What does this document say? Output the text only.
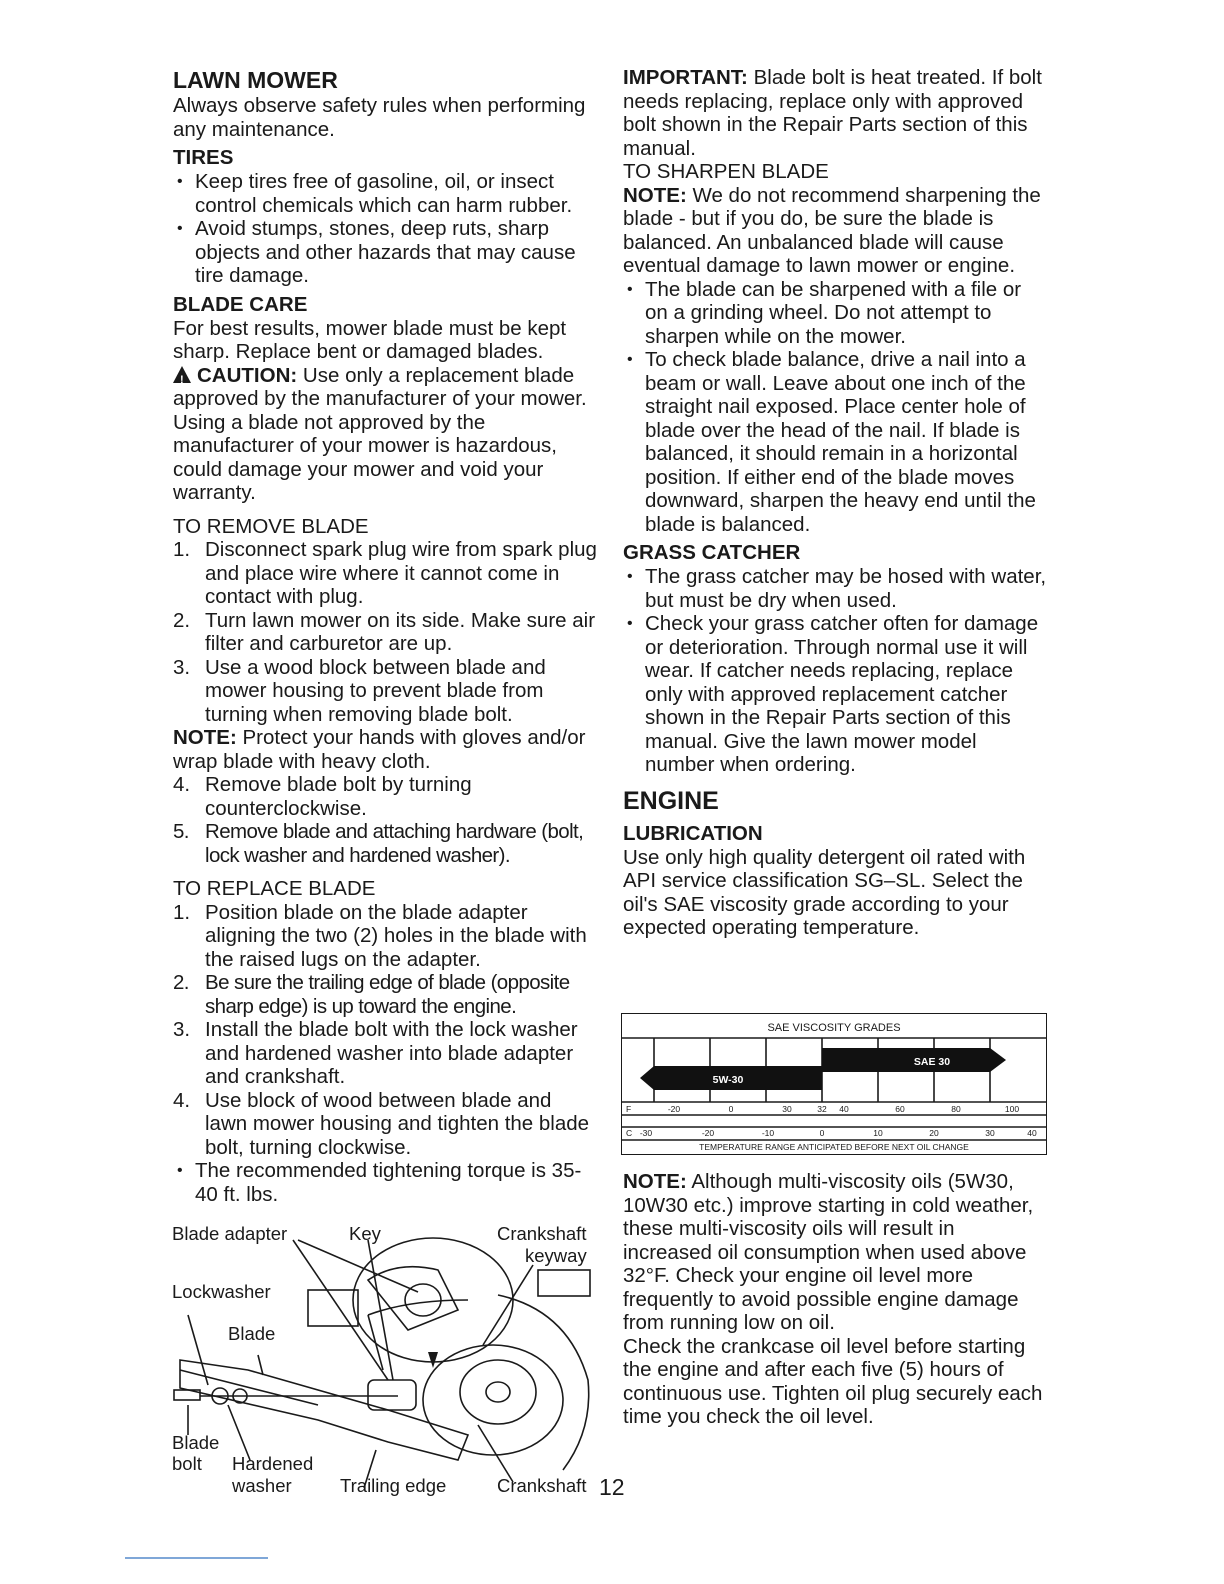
LAWN MOWER

Always observe safety rules when performing any maintenance.

TIRES
• Keep tires free of gasoline, oil, or insect control chemicals which can harm rubber.
• Avoid stumps, stones, deep ruts, sharp objects and other hazards that may cause tire damage.
BLADE CARE

For best results, mower blade must be kept sharp. Replace bent or damaged blades.

!CAUTION: Use only a replacement blade approved by the manufacturer of your mower. Using a blade not approved by the manufacturer of your mower is hazardous, could damage your mower and void your warranty.

TO REMOVE BLADE

1. Disconnect spark plug wire from spark plug and place wire where it cannot come in contact with plug.
2. Turn lawn mower on its side. Make sure air filter and carburetor are up.
3. Use a wood block between blade and mower housing to prevent blade from turning when removing blade bolt.

NOTE: Protect your hands with gloves and/or wrap blade with heavy cloth.

4. Remove blade bolt by turning counterclockwise.
5. Remove blade and attaching hardware (bolt, lock washer and hardened washer).

TO REPLACE BLADE

1. Position blade on the blade adapter aligning the two (2) holes in the blade with the raised lugs on the adapter.
2. Be sure the trailing edge of blade (opposite sharp edge) is up toward the engine.
3. Install the blade bolt with the lock washer and hardened washer into blade adapter and crankshaft.
4. Use block of wood between blade and lawn mower housing and tighten the blade bolt, turning clockwise.
• The recommended tightening torque is 35-40 ft. lbs.
Blade adapter	Key	Crankshaft
keyway
Lockwasher
Blade
Blade
bolt Hardened
washer	Trailing edge	Crankshaft

IMPORTANT: Blade bolt is heat treated. If bolt needs replacing, replace only with approved bolt shown in the Repair Parts section of this manual.

TO SHARPEN BLADE

NOTE: We do not recommend sharpening the blade - but if you do, be sure the blade is balanced. An unbalanced blade will cause eventual damage to lawn mower or engine.

• The blade can be sharpened with a file or on a grinding wheel. Do not attempt to sharpen while on the mower.
• To check blade balance, drive a nail into a beam or wall. Leave about one inch of the straight nail exposed. Place center hole of blade over the head of the nail. If blade is balanced, it should remain in a horizontal position. If either end of the blade moves downward, sharpen the heavy end until the blade is balanced.
GRASS CATCHER
• The grass catcher may be hosed with water, but must be dry when used.
• Check your grass catcher often for damage or deterioration. Through normal use it will wear. If catcher needs replacing, replace only with approved replacement catcher shown in the Repair Parts section of this manual. Give the lawn mower model number when ordering.
ENGINE
LUBRICATION

Use only high quality detergent oil rated with API service classification SG–SL. Select the oil's SAE viscosity grade according to your expected operating temperature.

SAE VISCOSITY GRADES
5W-30
SAE 30
F	-20	0	30	32 40	60	80	100
C -30	-20	-10	0	10	20	30	40
TEMPERATURE RANGE ANTICIPATED BEFORE NEXT OIL CHANGE

NOTE: Although multi-viscosity oils (5W30, 10W30 etc.) improve starting in cold weather, these multi-viscosity oils will result in increased oil consumption when used above 32°F. Check your engine oil level more frequently to avoid possible engine damage from running low on oil.

Check the crankcase oil level before starting the engine and after each five (5) hours of continuous use. Tighten oil plug securely each time you check the oil level.

12
